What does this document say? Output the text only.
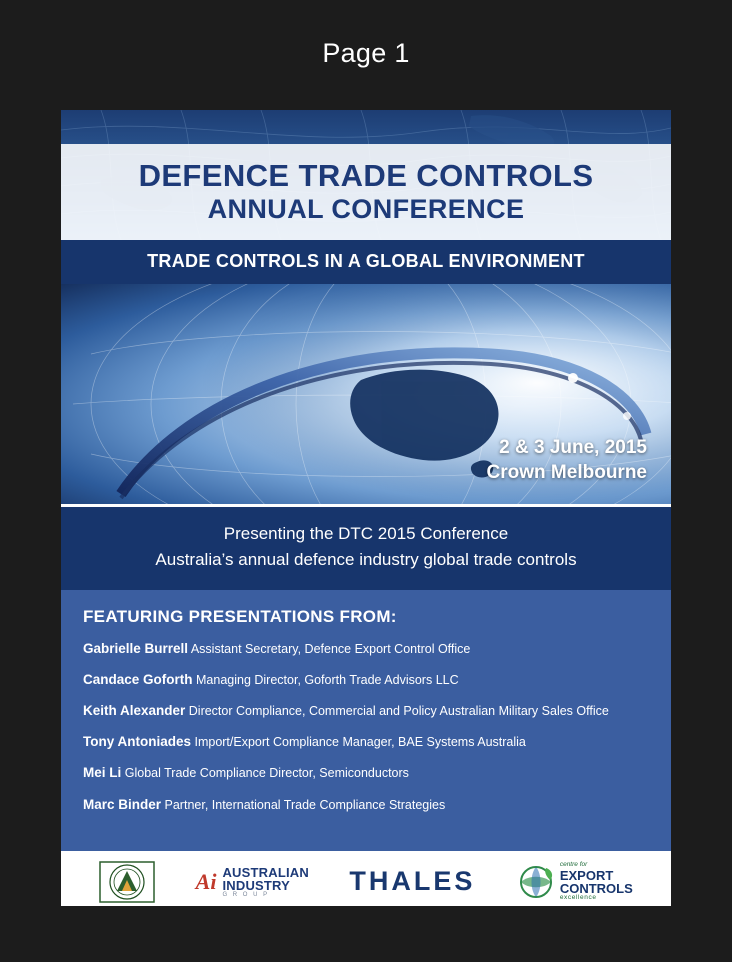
Page 1
DEFENCE TRADE CONTROLS
ANNUAL CONFERENCE
TRADE CONTROLS IN A GLOBAL ENVIRONMENT
2 & 3 June, 2015
Crown Melbourne
Presenting the DTC 2015 Conference
Australia’s annual defence industry global trade controls
FEATURING PRESENTATIONS FROM:
Gabrielle Burrell Assistant Secretary, Defence Export Control Office
Candace Goforth Managing Director, Goforth Trade Advisors LLC
Keith Alexander Director Compliance, Commercial and Policy Australian Military Sales Office
Tony Antoniades Import/Export Compliance Manager, BAE Systems Australia
Mei Li Global Trade Compliance Director, Semiconductors
Marc Binder Partner, International Trade Compliance Strategies
Ai AUSTRALIAN
INDUSTRY
G R O U P	THALES
centre for
EXPORT
CONTROLS
excellence
